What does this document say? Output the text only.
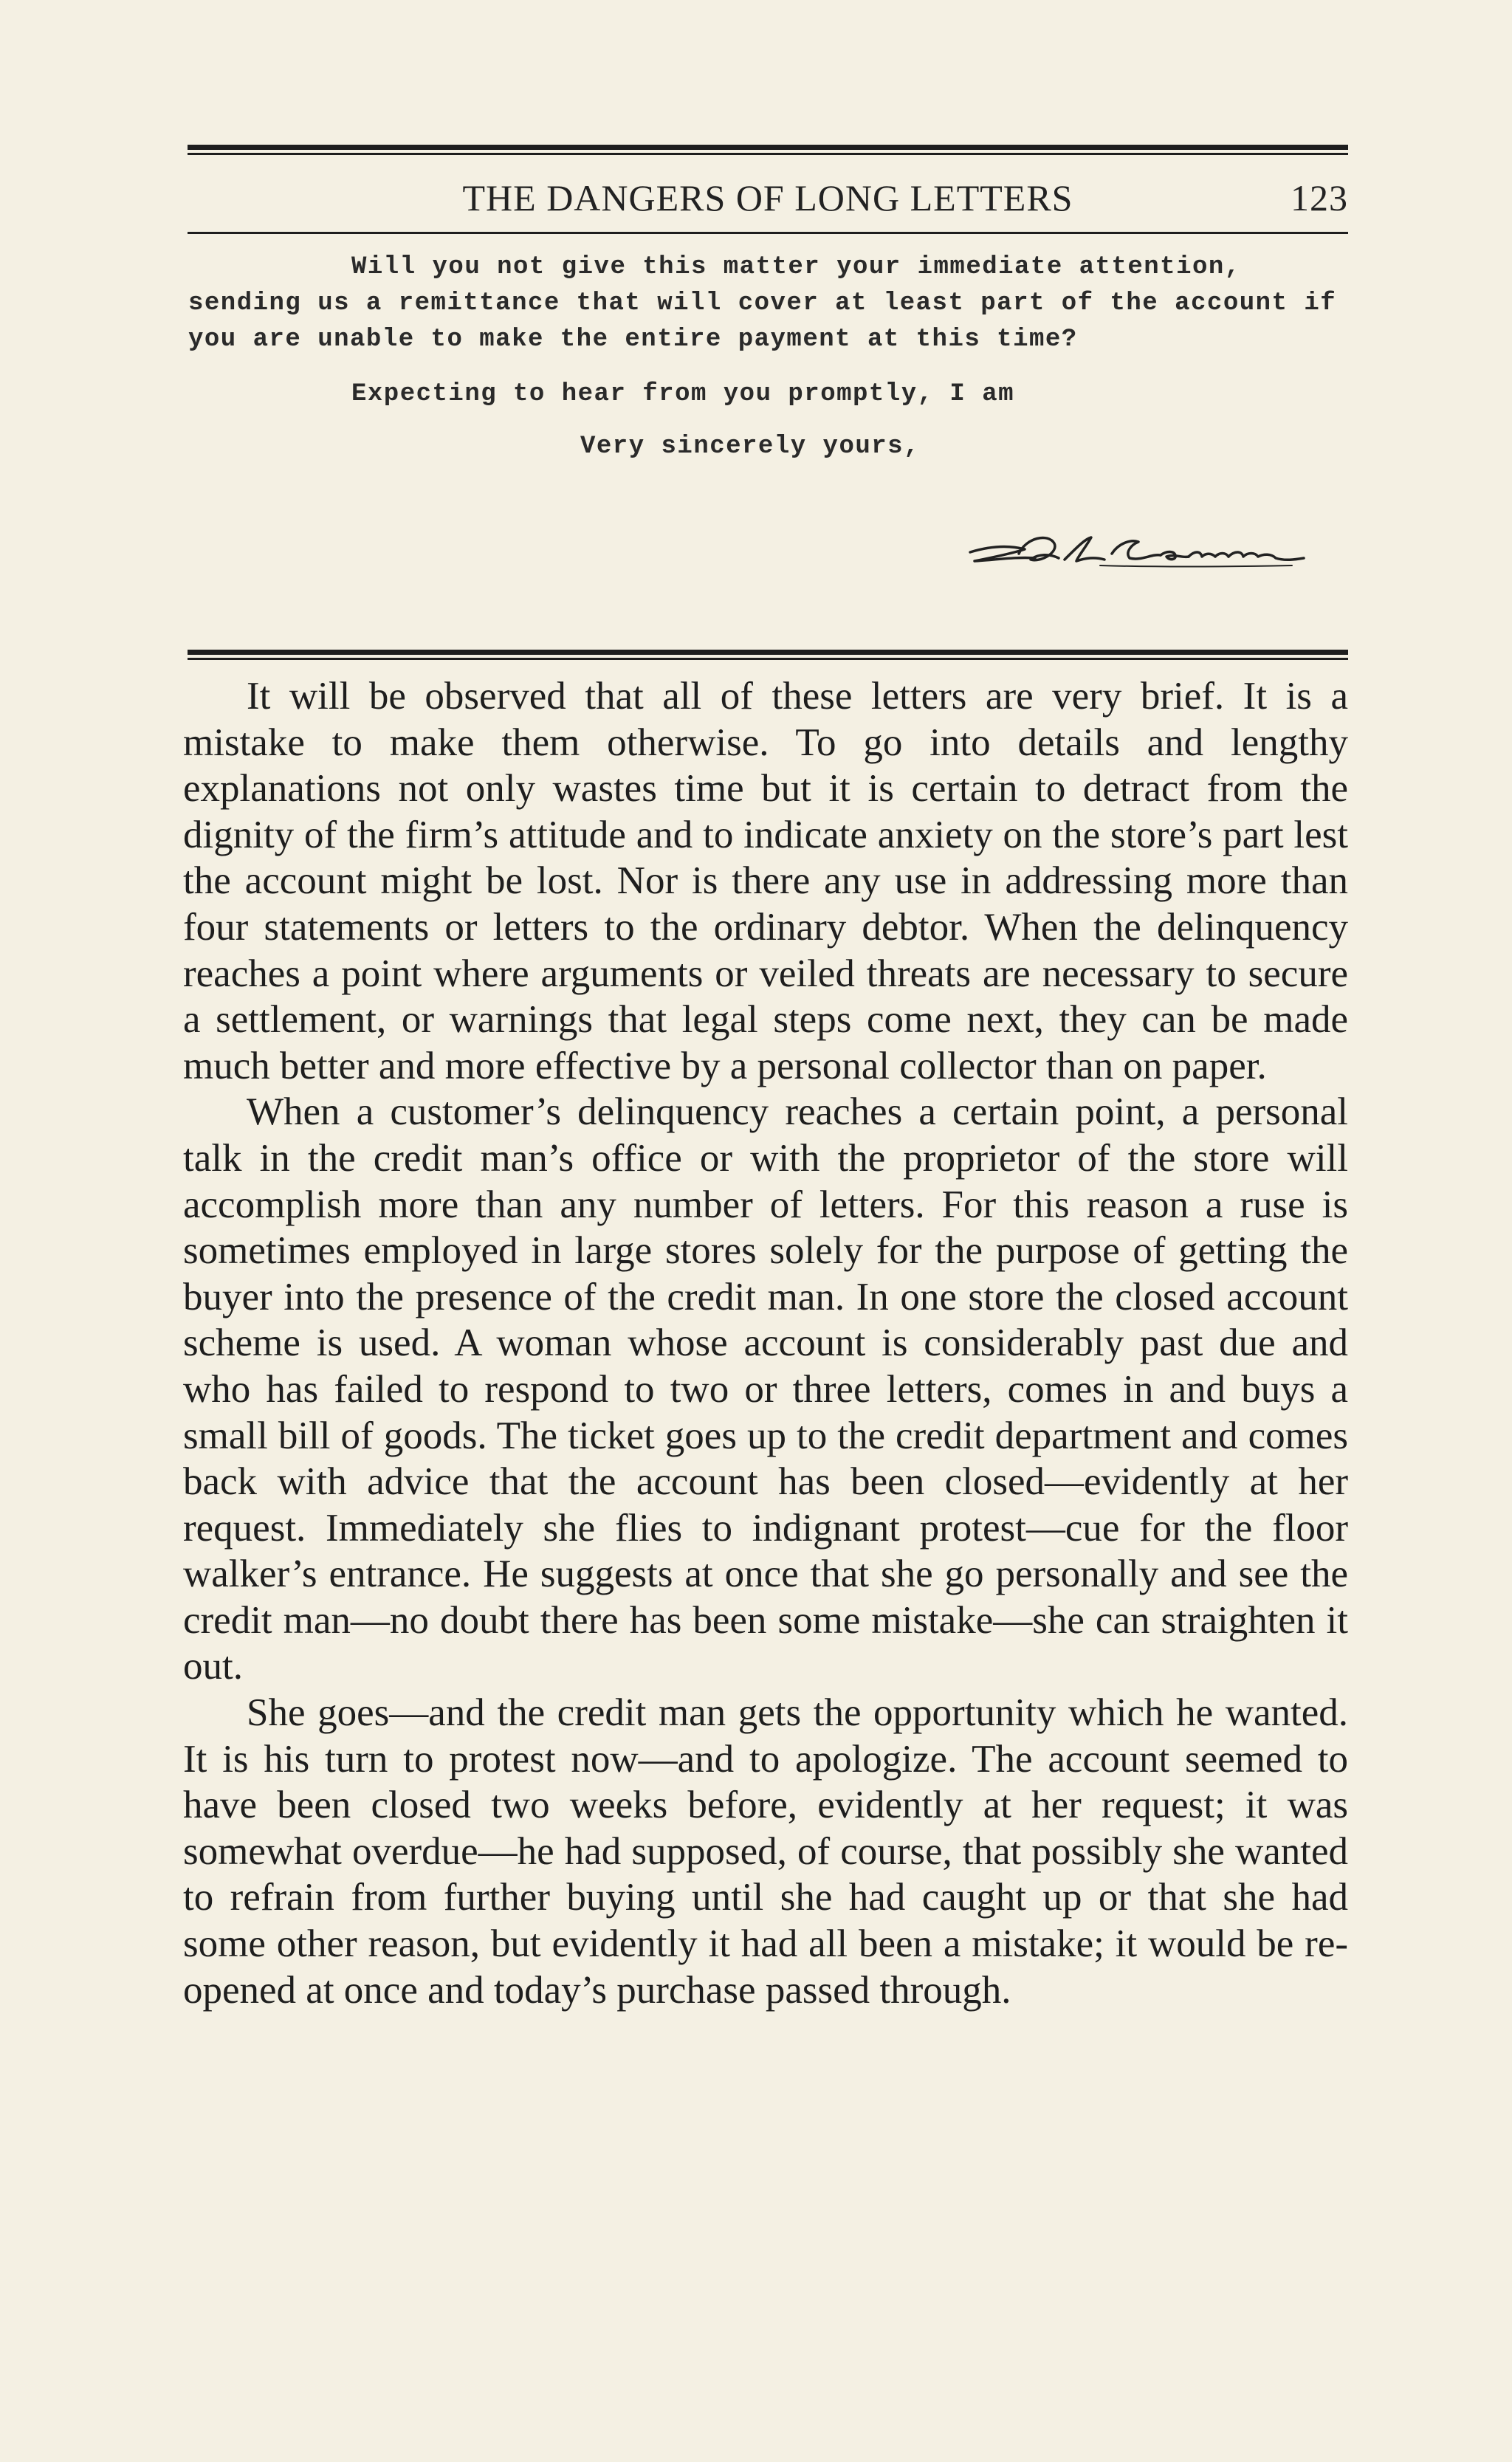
THE DANGERS OF LONG LETTERS	123

Will you not give this matter your immediate attention, sending us a remittance that will cover at least part of the account if you are unable to make the entire payment at this time?

Expecting to hear from you promptly, I am

Very sincerely yours,

It will be observed that all of these letters are very brief. It is a mistake to make them otherwise. To go into details and lengthy explanations not only wastes time but it is certain to detract from the dignity of the firm’s attitude and to indicate anxiety on the store’s part lest the account might be lost. Nor is there any use in addressing more than four statements or letters to the ordinary debtor. When the delinquency reaches a point where arguments or veiled threats are necessary to secure a settlement, or warnings that legal steps come next, they can be made much better and more effective by a personal collector than on paper.

When a customer’s delinquency reaches a certain point, a personal talk in the credit man’s office or with the proprietor of the store will accomplish more than any number of letters. For this reason a ruse is sometimes employed in large stores solely for the purpose of getting the buyer into the presence of the credit man. In one store the closed account scheme is used. A woman whose account is considerably past due and who has failed to respond to two or three letters, comes in and buys a small bill of goods. The ticket goes up to the credit department and comes back with advice that the account has been closed—evidently at her request. Immediately she flies to indignant protest—cue for the floor walker’s entrance. He suggests at once that she go personally and see the credit man—no doubt there has been some mistake—she can straighten it out.

She goes—and the credit man gets the opportunity which he wanted. It is his turn to protest now—and to apologize. The account seemed to have been closed two weeks before, evidently at her request; it was somewhat overdue—he had supposed, of course, that possibly she wanted to refrain from further buying until she had caught up or that she had some other reason, but evidently it had all been a mistake; it would be re-opened at once and today’s purchase passed through.
